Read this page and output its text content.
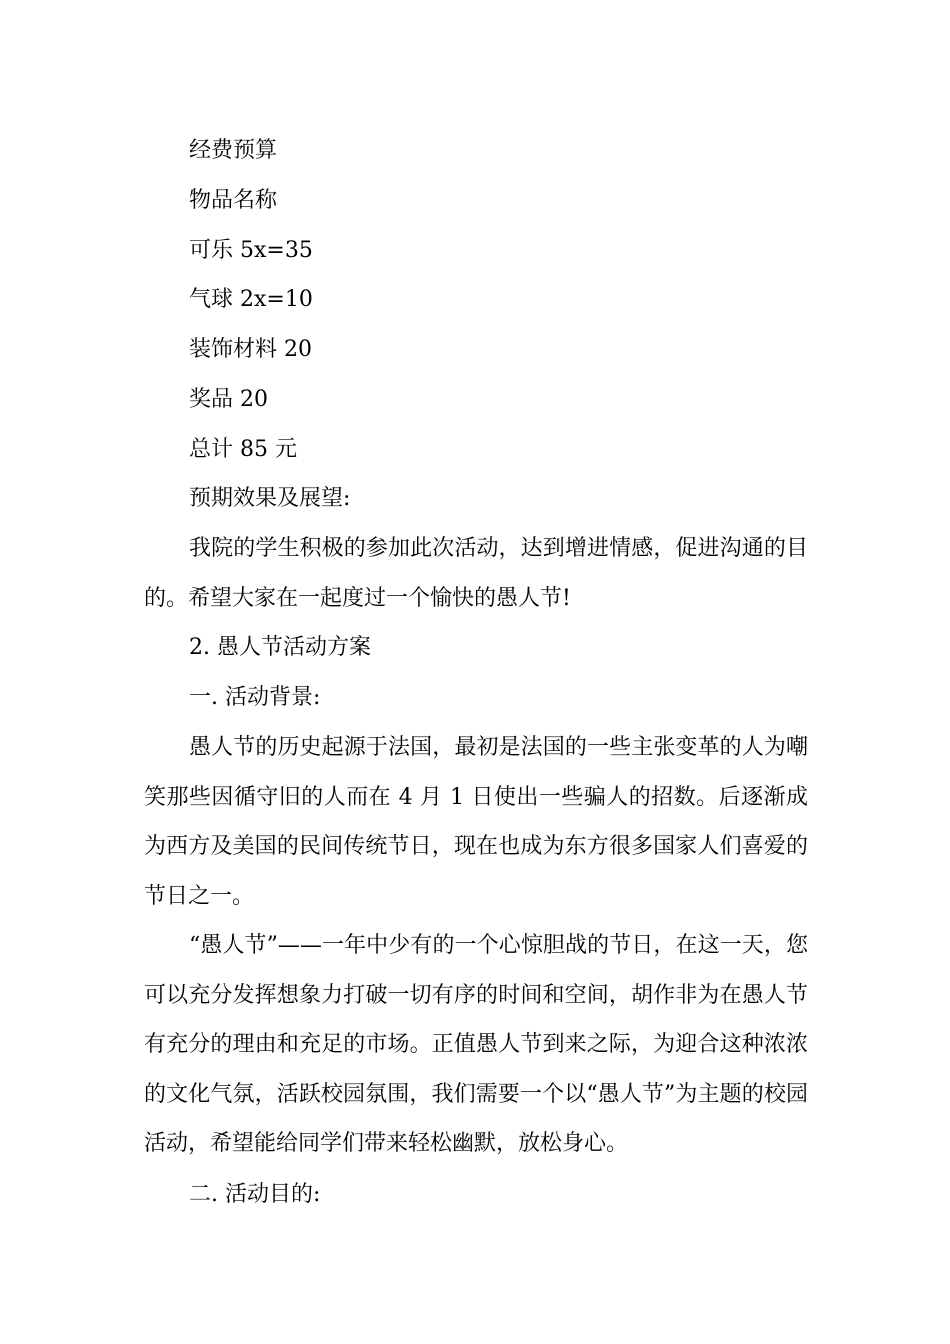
经费预算

物品名称

可乐 5x=35

气球 2x=10

装饰材料 20

奖品 20

总计 85 元

预期效果及展望:

我院的学生积极的参加此次活动，达到增进情感，促进沟通的目的。希望大家在一起度过一个愉快的愚人节!

2. 愚人节活动方案

一. 活动背景:

愚人节的历史起源于法国，最初是法国的一些主张变革的人为嘲笑那些因循守旧的人而在 4 月 1 日使出一些骗人的招数。后逐渐成为西方及美国的民间传统节日，现在也成为东方很多国家人们喜爱的节日之一。

“愚人节”——一年中少有的一个心惊胆战的节日，在这一天，您可以充分发挥想象力打破一切有序的时间和空间，胡作非为在愚人节有充分的理由和充足的市场。正值愚人节到来之际，为迎合这种浓浓的文化气氛，活跃校园氛围，我们需要一个以“愚人节”为主题的校园活动，希望能给同学们带来轻松幽默，放松身心。

二. 活动目的:
